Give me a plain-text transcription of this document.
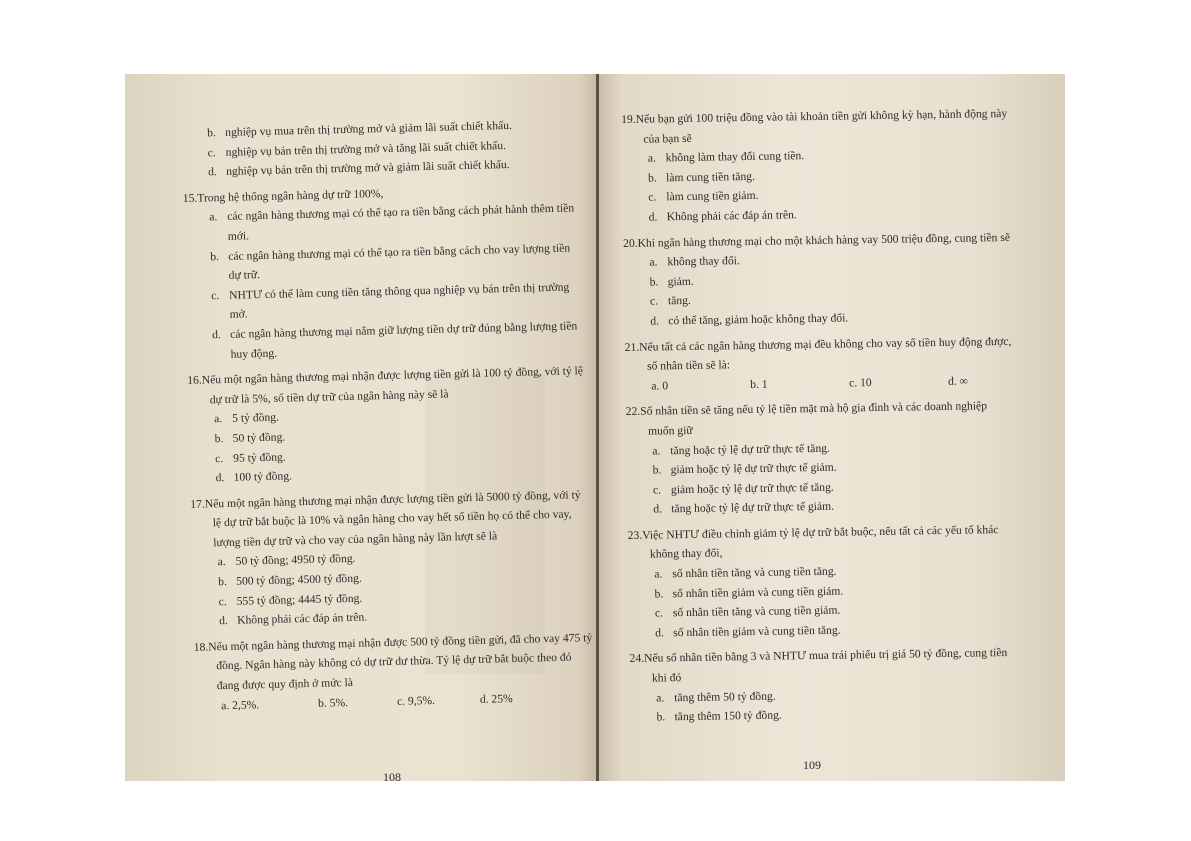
b. nghiệp vụ mua trên thị trường mở và giảm lãi suất chiết khấu.
c. nghiệp vụ bán trên thị trường mở và tăng lãi suất chiết khấu.
d. nghiệp vụ bán trên thị trường mở và giảm lãi suất chiết khấu.
15.Trong hệ thống ngân hàng dự trữ 100%,
a. các ngân hàng thương mại có thể tạo ra tiền bằng cách phát hành thêm tiền mới.
b. các ngân hàng thương mại có thể tạo ra tiền bằng cách cho vay lượng tiền dự trữ.
c. NHTƯ có thể làm cung tiền tăng thông qua nghiệp vụ bán trên thị trường mở.
d. các ngân hàng thương mại nắm giữ lượng tiền dự trữ đúng bằng lượng tiền huy động.
16.Nếu một ngân hàng thương mại nhận được lượng tiền gửi là 100 tỷ đồng, với tỷ lệ dự trữ là 5%, số tiền dự trữ của ngân hàng này sẽ là
a. 5 tỷ đồng.
b. 50 tỷ đồng.
c. 95 tỷ đồng.
d. 100 tỷ đồng.
17.Nếu một ngân hàng thương mại nhận được lượng tiền gửi là 5000 tỷ đồng, với tỷ lệ dự trữ bắt buộc là 10% và ngân hàng cho vay hết số tiền họ có thể cho vay, lượng tiền dự trữ và cho vay của ngân hàng này lần lượt sẽ là
a. 50 tỷ đồng; 4950 tỷ đồng.
b. 500 tỷ đồng; 4500 tỷ đồng.
c. 555 tỷ đồng; 4445 tỷ đồng.
d. Không phải các đáp án trên.
18.Nếu một ngân hàng thương mại nhận được 500 tỷ đồng tiền gửi, đã cho vay 475 tỷ đồng. Ngân hàng này không có dự trữ dư thừa. Tỷ lệ dự trữ bắt buộc theo đó đang được quy định ở mức là
a. 2,5%.	b. 5%.	c. 9,5%.	d. 25%
108
19.Nếu bạn gửi 100 triệu đồng vào tài khoản tiền gửi không kỳ hạn, hành động này của bạn sẽ
a. không làm thay đổi cung tiền.
b. làm cung tiền tăng.
c. làm cung tiền giảm.
d. Không phải các đáp án trên.
20.Khi ngân hàng thương mại cho một khách hàng vay 500 triệu đồng, cung tiền sẽ
a. không thay đổi.
b. giảm.
c. tăng.
d. có thể tăng, giảm hoặc không thay đổi.
21.Nếu tất cả các ngân hàng thương mại đều không cho vay số tiền huy động được, số nhân tiền sẽ là:
a. 0	b. 1	c. 10	d. ∞
22.Số nhân tiền sẽ tăng nếu tỷ lệ tiền mặt mà hộ gia đình và các doanh nghiệp muốn giữ
a. tăng hoặc tỷ lệ dự trữ thực tế tăng.
b. giảm hoặc tỷ lệ dự trữ thực tế giảm.
c. giảm hoặc tỷ lệ dự trữ thực tế tăng.
d. tăng hoặc tỷ lệ dự trữ thực tế giảm.
23.Việc NHTƯ điều chỉnh giảm tỷ lệ dự trữ bắt buộc, nếu tất cả các yếu tố khác không thay đổi,
a. số nhân tiền tăng và cung tiền tăng.
b. số nhân tiền giảm và cung tiền giảm.
c. số nhân tiền tăng và cung tiền giảm.
d. số nhân tiền giảm và cung tiền tăng.
24.Nếu số nhân tiền bằng 3 và NHTƯ mua trái phiếu trị giá 50 tỷ đồng, cung tiền khi đó
a. tăng thêm 50 tỷ đồng.
b. tăng thêm 150 tỷ đồng.
109
